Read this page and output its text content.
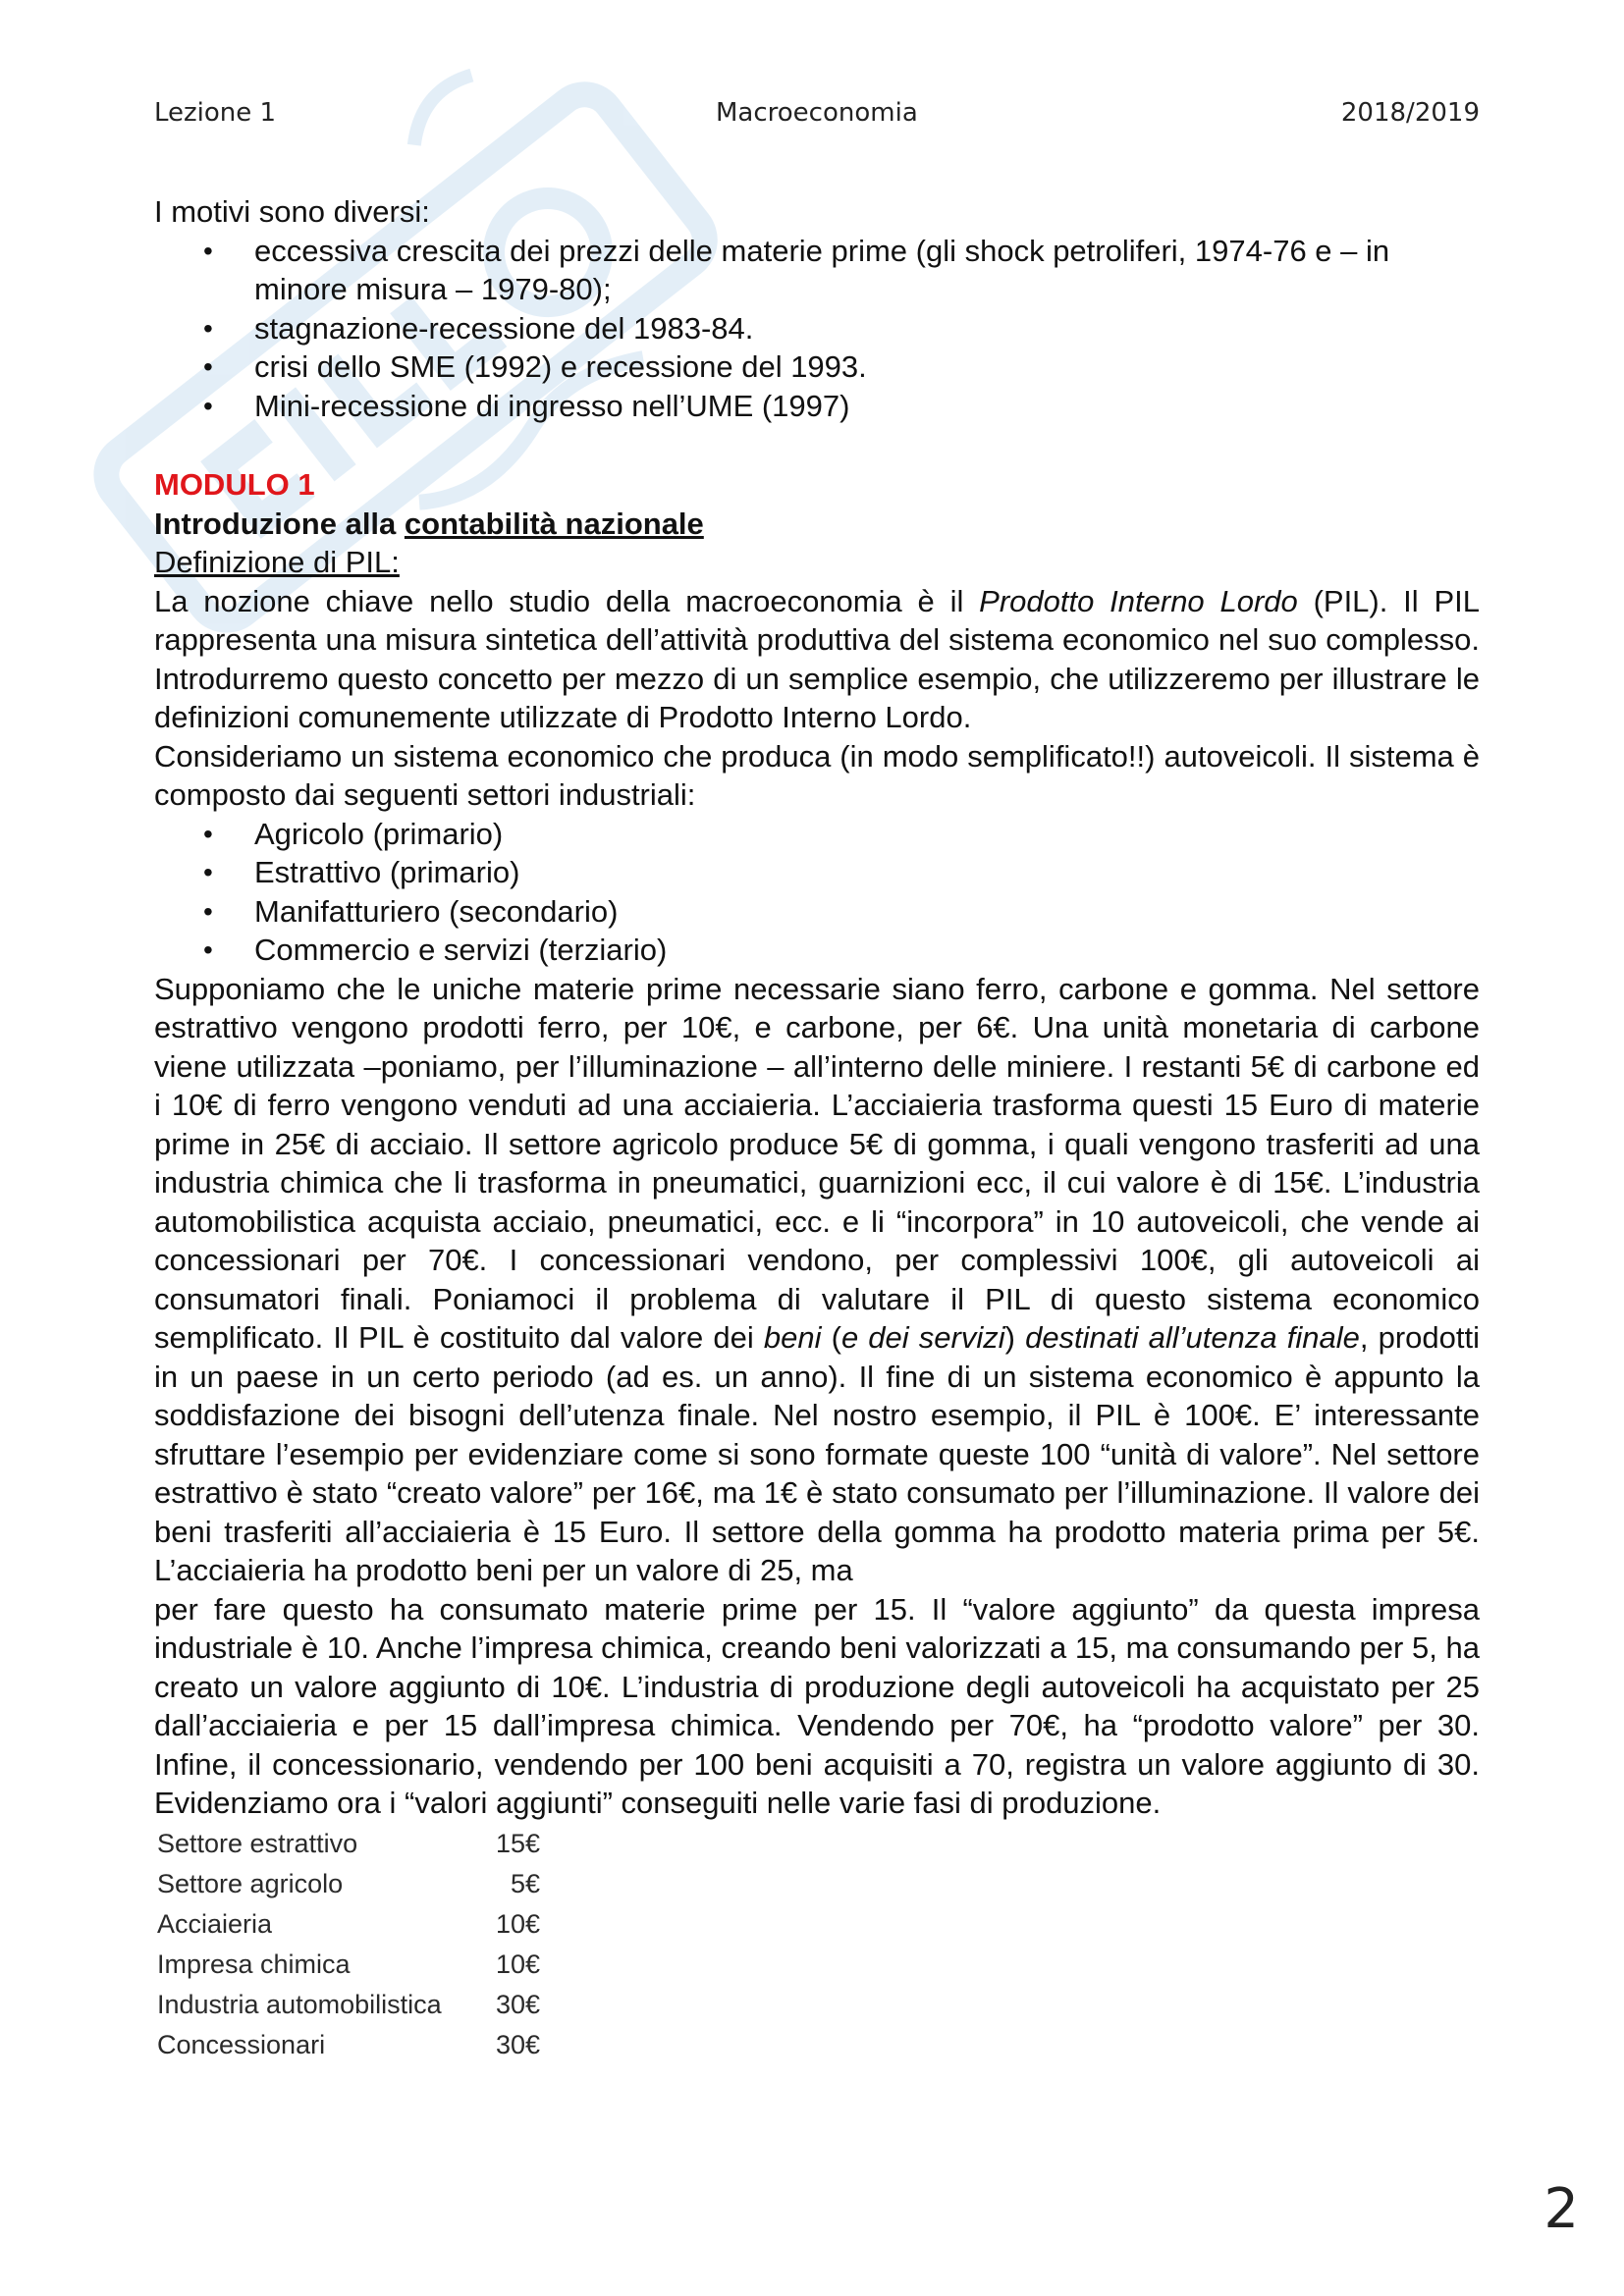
Lezione 1	Macroeconomia	2018/2019

I motivi sono diversi:

• eccessiva crescita dei prezzi delle materie prime (gli shock petroliferi, 1974-76 e – in minore misura – 1979-80);
• stagnazione-recessione del 1983-84.
• crisi dello SME (1992) e recessione del 1993.
• Mini-recessione di ingresso nell’UME (1997)

MODULO 1

Introduzione alla contabilità nazionale

Definizione di PIL:

La nozione chiave nello studio della macroeconomia è il Prodotto Interno Lordo (PIL). Il PIL rappresenta una misura sintetica dell’attività produttiva del sistema economico nel suo complesso. Introdurremo questo concetto per mezzo di un semplice esempio, che utilizzeremo per illustrare le definizioni comunemente utilizzate di Prodotto Interno Lordo.

Consideriamo un sistema economico che produca (in modo semplificato!!) autoveicoli. Il sistema è composto dai seguenti settori industriali:

• Agricolo (primario)
• Estrattivo (primario)
• Manifatturiero (secondario)
• Commercio e servizi (terziario)

Supponiamo che le uniche materie prime necessarie siano ferro, carbone e gomma. Nel settore estrattivo vengono prodotti ferro, per 10€, e carbone, per 6€. Una unità monetaria di carbone viene utilizzata –poniamo, per l’illuminazione – all’interno delle miniere. I restanti 5€ di carbone ed i 10€ di ferro vengono venduti ad una acciaieria. L’acciaieria trasforma questi 15 Euro di materie prime in 25€ di acciaio. Il settore agricolo produce 5€ di gomma, i quali vengono trasferiti ad una industria chimica che li trasforma in pneumatici, guarnizioni ecc, il cui valore è di 15€. L’industria automobilistica acquista acciaio, pneumatici, ecc. e li “incorpora” in 10 autoveicoli, che vende ai concessionari per 70€. I concessionari vendono, per complessivi 100€, gli autoveicoli ai consumatori finali. Poniamoci il problema di valutare il PIL di questo sistema economico semplificato. Il PIL è costituito dal valore dei beni (e dei servizi) destinati all’utenza finale, prodotti in un paese in un certo periodo (ad es. un anno). Il fine di un sistema economico è appunto la soddisfazione dei bisogni dell’utenza finale. Nel nostro esempio, il PIL è 100€. E’ interessante sfruttare l’esempio per evidenziare come si sono formate queste 100 “unità di valore”. Nel settore estrattivo è stato “creato valore” per 16€, ma 1€ è stato consumato per l’illuminazione. Il valore dei beni trasferiti all’acciaieria è 15 Euro. Il settore della gomma ha prodotto materia prima per 5€. L’acciaieria ha prodotto beni per un valore di 25, ma

per fare questo ha consumato materie prime per 15. Il “valore aggiunto” da questa impresa industriale è 10. Anche l’impresa chimica, creando beni valorizzati a 15, ma consumando per 5, ha creato un valore aggiunto di 10€. L’industria di produzione degli autoveicoli ha acquistato per 25 dall’acciaieria e per 15 dall’impresa chimica. Vendendo per 70€, ha “prodotto valore” per 30. Infine, il concessionario, vendendo per 100 beni acquisiti a 70, registra un valore aggiunto di 30. Evidenziamo ora i “valori aggiunti” conseguiti nelle varie fasi di produzione.

Settore estrattivo	15€
Settore agricolo	5€
Acciaieria	10€
Impresa chimica	10€
Industria automobilistica	30€
Concessionari	30€
2
